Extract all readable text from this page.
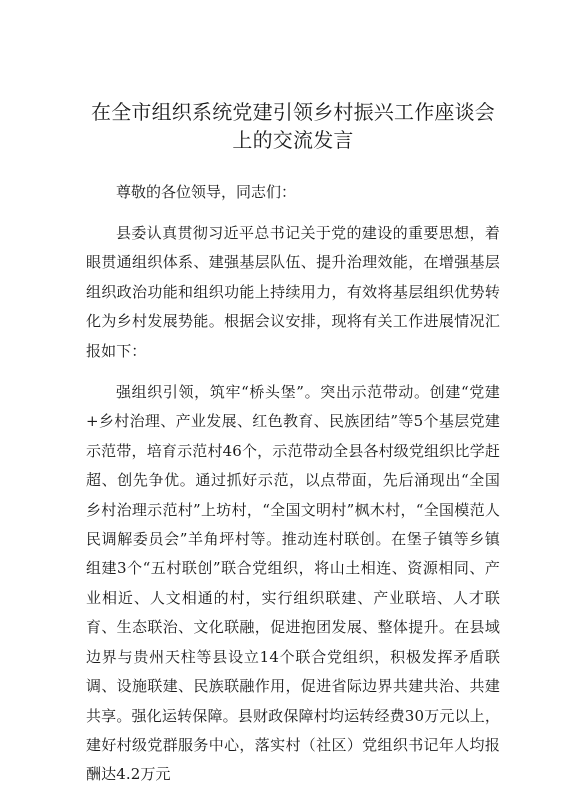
在全市组织系统党建引领乡村振兴工作座谈会
上的交流发言

尊敬的各位领导，同志们：

县委认真贯彻习近平总书记关于党的建设的重要思想，着眼贯通组织体系、建强基层队伍、提升治理效能，在增强基层组织政治功能和组织功能上持续用力，有效将基层组织优势转化为乡村发展势能。根据会议安排，现将有关工作进展情况汇报如下：

强组织引领，筑牢“桥头堡”。突出示范带动。创建“党建+乡村治理、产业发展、红色教育、民族团结”等5个基层党建示范带，培育示范村46个，示范带动全县各村级党组织比学赶超、创先争优。通过抓好示范，以点带面，先后涌现出“全国乡村治理示范村”上坊村，“全国文明村”枫木村，“全国模范人民调解委员会”羊角坪村等。推动连村联创。在堡子镇等乡镇组建3个“五村联创”联合党组织，将山土相连、资源相同、产业相近、人文相通的村，实行组织联建、产业联培、人才联育、生态联治、文化联融，促进抱团发展、整体提升。在县域边界与贵州天柱等县设立14个联合党组织，积极发挥矛盾联调、设施联建、民族联融作用，促进省际边界共建共治、共建共享。强化运转保障。县财政保障村均运转经费30万元以上，建好村级党群服务中心，落实村（社区）党组织书记年人均报酬达4.2万元
